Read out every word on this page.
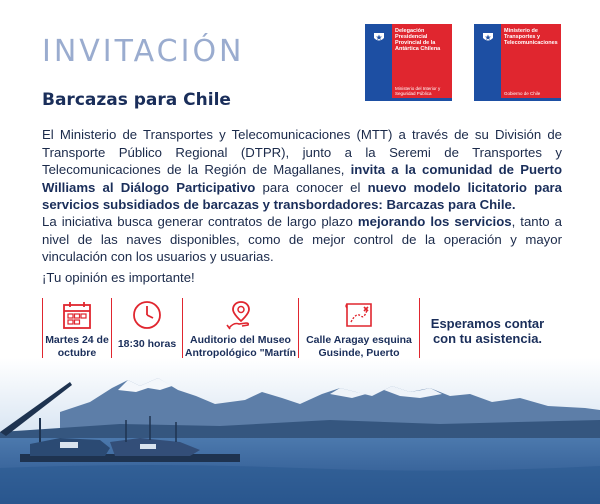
INVITACIÓN
Barcazas para Chile
Delegación Presidencial Provincial de la Antártica Chilena
Ministerio del Interior y Seguridad Pública
Ministerio de Transportes y Telecomunicaciones
Gobierno de Chile
El Ministerio de Transportes y Telecomunicaciones (MTT) a través de su División de Transporte Público Regional (DTPR), junto a la Seremi de Transportes y Telecomunicaciones de la Región de Magallanes, invita a la comunidad de Puerto Williams al Diálogo Participativo para conocer el nuevo modelo licitatorio para servicios subsidiados de barcazas y transbordadores: Barcazas para Chile.
La iniciativa busca generar contratos de largo plazo mejorando los servicios, tanto a nivel de las naves disponibles, como de mejor control de la operación y mayor vinculación con los usuarios y usuarias.
¡Tu opinión es importante!
Martes 24 de octubre
18:30 horas	Auditorio del Museo Antropológico "Martín
Calle Aragay esquina Gusinde, Puerto
Esperamos contar con tu asistencia.
